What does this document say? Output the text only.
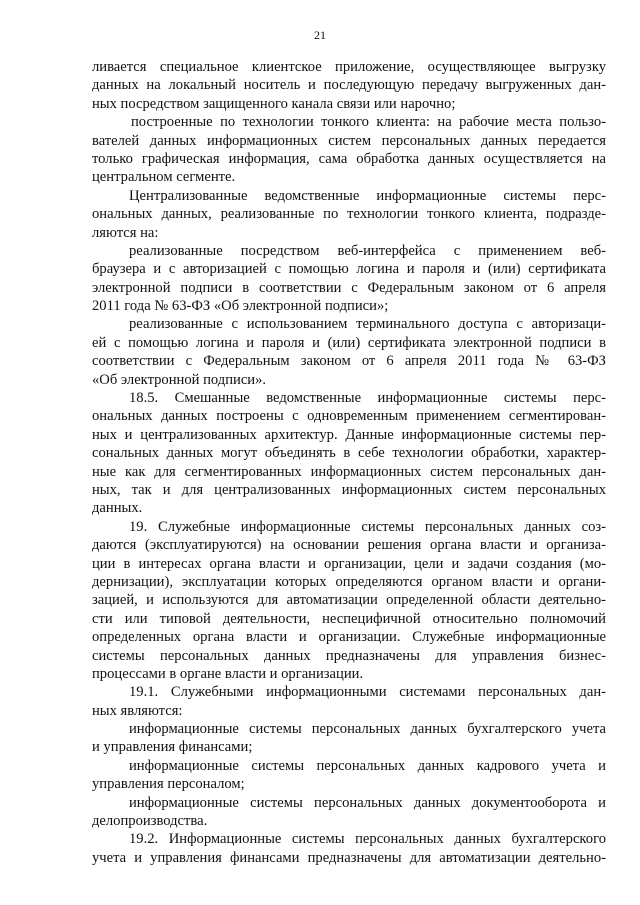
21
ливается специальное клиентское приложение, осуществляющее выгрузку
данных на локальный носитель и последующую передачу выгруженных дан-
ных посредством защищенного канала связи или нарочно;
построенные по технологии тонкого клиента: на рабочие места пользо-
вателей данных информационных систем персональных данных передается
только графическая информация, сама обработка данных осуществляется на
центральном сегменте.
Централизованные ведомственные информационные системы перс-
ональных данных, реализованные по технологии тонкого клиента, подразде-
ляются на:
реализованные посредством веб-интерфейса с применением веб-
браузера и с авторизацией с помощью логина и пароля и (или) сертификата
электронной подписи в соответствии с Федеральным законом от 6 апреля
2011 года № 63-ФЗ «Об электронной подписи»;
реализованные с использованием терминального доступа с авторизаци-
ей с помощью логина и пароля и (или) сертификата электронной подписи в
соответствии с Федеральным законом от 6 апреля 2011 года № 63-ФЗ
«Об электронной подписи».
18.5. Смешанные ведомственные информационные системы перс-
ональных данных построены с одновременным применением сегментирован-
ных и централизованных архитектур. Данные информационные системы пер-
сональных данных могут объединять в себе технологии обработки, характер-
ные как для сегментированных информационных систем персональных дан-
ных, так и для централизованных информационных систем персональных
данных.
19. Служебные информационные системы персональных данных соз-
даются (эксплуатируются) на основании решения органа власти и организа-
ции в интересах органа власти и организации, цели и задачи создания (мо-
дернизации), эксплуатации которых определяются органом власти и органи-
зацией, и используются для автоматизации определенной области деятельно-
сти или типовой деятельности, неспецифичной относительно полномочий
определенных органа власти и организации. Служебные информационные
системы персональных данных предназначены для управления бизнес-
процессами в органе власти и организации.
19.1. Служебными информационными системами персональных дан-
ных являются:
информационные системы персональных данных бухгалтерского учета
и управления финансами;
информационные системы персональных данных кадрового учета и
управления персоналом;
информационные системы персональных данных документооборота и
делопроизводства.
19.2. Информационные системы персональных данных бухгалтерского
учета и управления финансами предназначены для автоматизации деятельно-
